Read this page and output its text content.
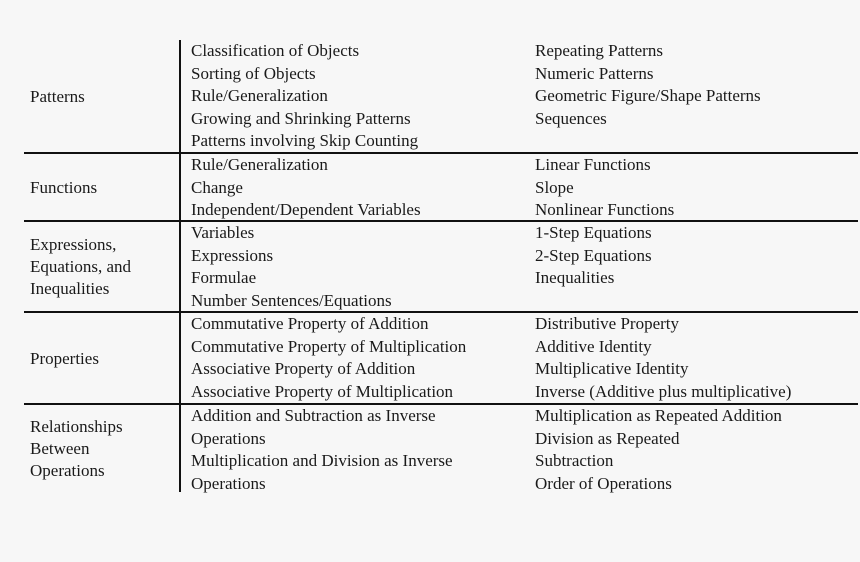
Patterns
Classification of Objects
Sorting of Objects
Rule/Generalization
Growing and Shrinking Patterns
Patterns involving Skip Counting
Repeating Patterns
Numeric Patterns
Geometric Figure/Shape Patterns
Sequences
Functions
Rule/Generalization
Change
Independent/Dependent Variables
Linear Functions
Slope
Nonlinear Functions
Expressions,
Equations, and
Inequalities
Variables
Expressions
Formulae
Number Sentences/Equations
1-Step Equations
2-Step Equations
Inequalities
Properties
Commutative Property of Addition
Commutative Property of Multiplication
Associative Property of Addition
Associative Property of Multiplication
Distributive Property
Additive Identity
Multiplicative Identity
Inverse (Additive plus multiplicative)
Relationships
Between
Operations
Addition and Subtraction as Inverse
Operations
Multiplication and Division as Inverse
Operations
Multiplication as Repeated Addition
Division as Repeated
Subtraction
Order of Operations
